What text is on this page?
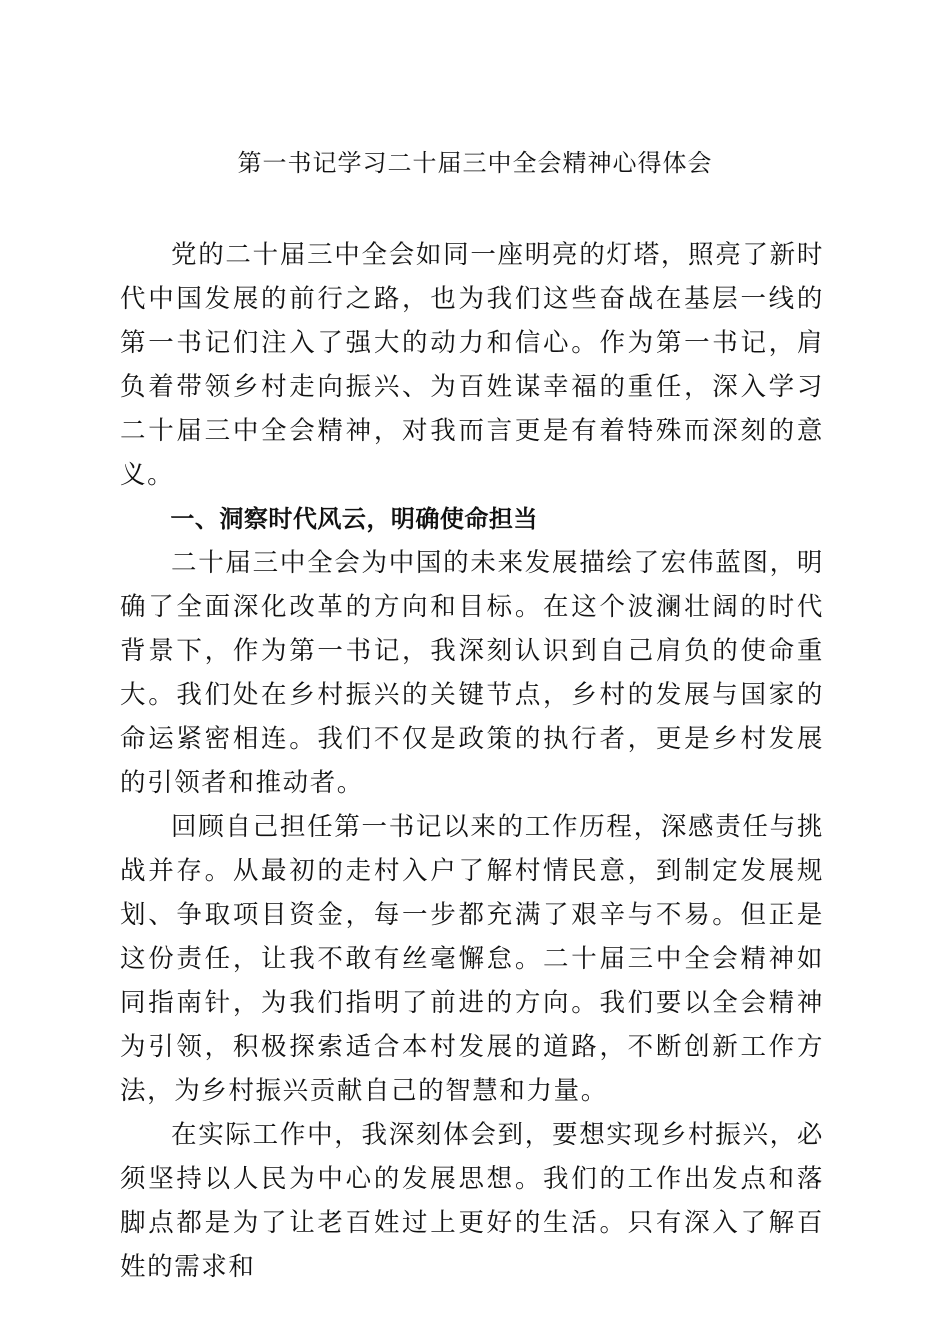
第一书记学习二十届三中全会精神心得体会

党的二十届三中全会如同一座明亮的灯塔，照亮了新时代中国发展的前行之路，也为我们这些奋战在基层一线的第一书记们注入了强大的动力和信心。作为第一书记，肩负着带领乡村走向振兴、为百姓谋幸福的重任，深入学习二十届三中全会精神，对我而言更是有着特殊而深刻的意义。

一、洞察时代风云，明确使命担当

二十届三中全会为中国的未来发展描绘了宏伟蓝图，明确了全面深化改革的方向和目标。在这个波澜壮阔的时代背景下，作为第一书记，我深刻认识到自己肩负的使命重大。我们处在乡村振兴的关键节点，乡村的发展与国家的命运紧密相连。我们不仅是政策的执行者，更是乡村发展的引领者和推动者。

回顾自己担任第一书记以来的工作历程，深感责任与挑战并存。从最初的走村入户了解村情民意，到制定发展规划、争取项目资金，每一步都充满了艰辛与不易。但正是这份责任，让我不敢有丝毫懈怠。二十届三中全会精神如同指南针，为我们指明了前进的方向。我们要以全会精神为引领，积极探索适合本村发展的道路，不断创新工作方法，为乡村振兴贡献自己的智慧和力量。

在实际工作中，我深刻体会到，要想实现乡村振兴，必须坚持以人民为中心的发展思想。我们的工作出发点和落脚点都是为了让老百姓过上更好的生活。只有深入了解百姓的需求和
